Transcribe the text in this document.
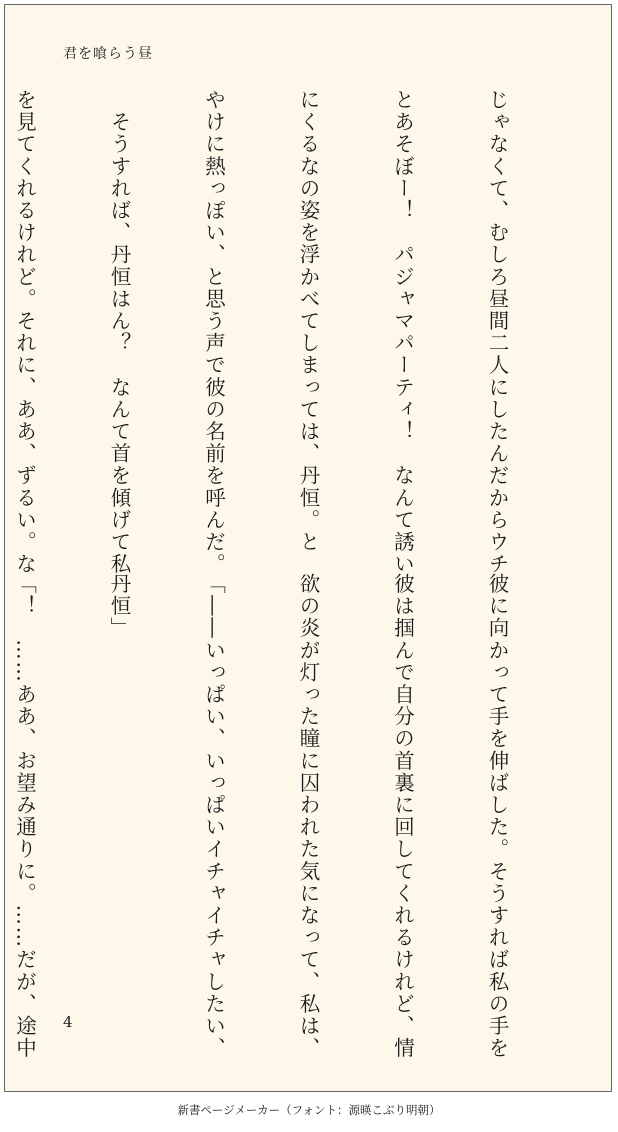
君を喰らう昼

じゃなくて、むしろ昼間二人にしたんだからウチ

とあそぼー！　パジャマパーティ！　なんて誘い

にくるなの姿を浮かべてしまっては、丹恒。と

やけに熱っぽい、と思う声で彼の名前を呼んだ。

　そうすれば、丹恒はん？　なんて首を傾げて私

を見てくれるけれど。それに、ああ、ずるい。な

彼に向かって手を伸ばした。そうすれば私の手を

彼は掴んで自分の首裏に回してくれるけれど、情

欲の炎が灯った瞳に囚われた気になって、私は、

「――いっぱい、いっぱいイチャイチャしたい、

丹恒」

「！　……ああ、お望み通りに。……だが、途中

4
新書ページメーカー（フォント：源暎こぶり明朝）
